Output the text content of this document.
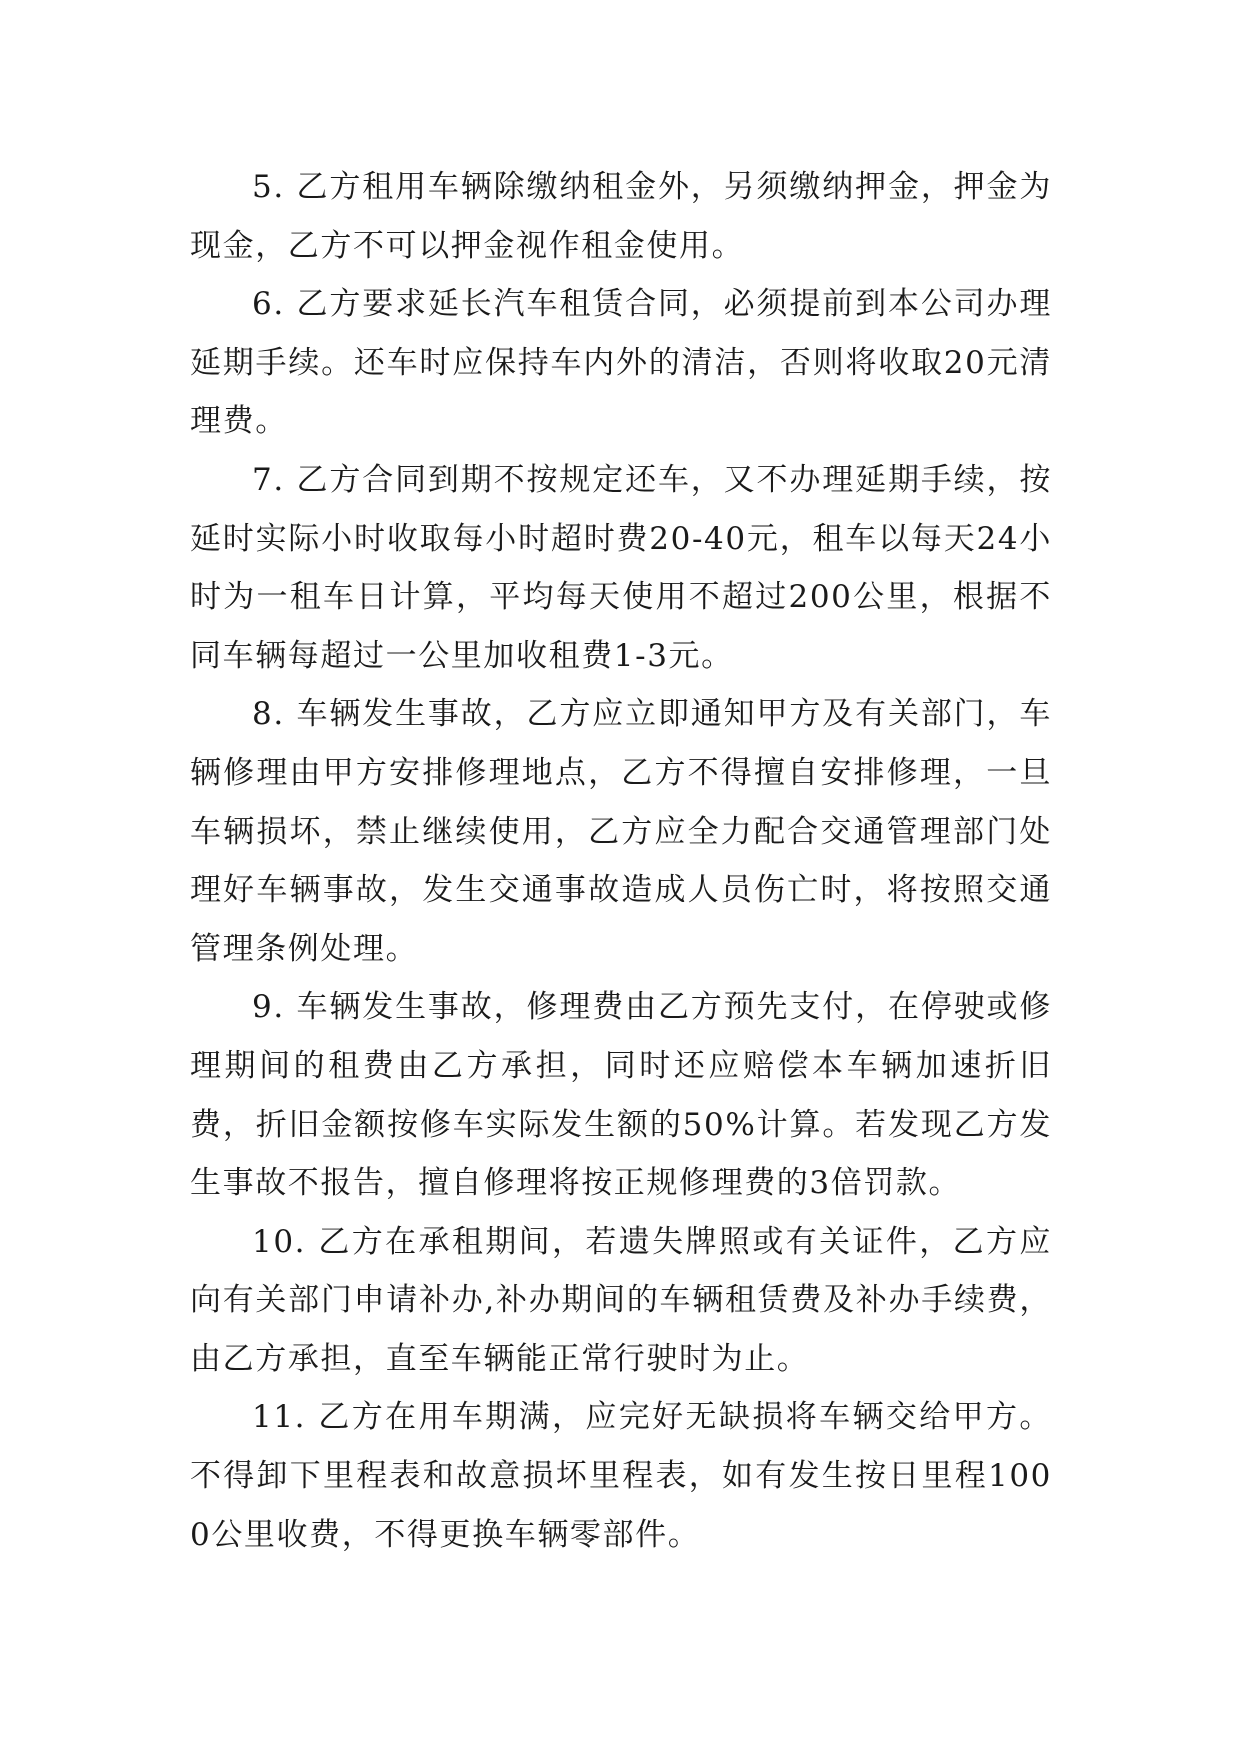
5. 乙方租用车辆除缴纳租金外，另须缴纳押金，押金为现金，乙方不可以押金视作租金使用。

6. 乙方要求延长汽车租赁合同，必须提前到本公司办理延期手续。还车时应保持车内外的清洁，否则将收取20元清理费。

7. 乙方合同到期不按规定还车，又不办理延期手续，按延时实际小时收取每小时超时费20-40元，租车以每天24小时为一租车日计算，平均每天使用不超过200公里，根据不同车辆每超过一公里加收租费1-3元。

8. 车辆发生事故，乙方应立即通知甲方及有关部门，车辆修理由甲方安排修理地点，乙方不得擅自安排修理，一旦车辆损坏，禁止继续使用，乙方应全力配合交通管理部门处理好车辆事故，发生交通事故造成人员伤亡时，将按照交通管理条例处理。

9. 车辆发生事故，修理费由乙方预先支付，在停驶或修理期间的租费由乙方承担，同时还应赔偿本车辆加速折旧费，折旧金额按修车实际发生额的50%计算。若发现乙方发生事故不报告，擅自修理将按正规修理费的3倍罚款。

10. 乙方在承租期间，若遗失牌照或有关证件，乙方应向有关部门申请补办,补办期间的车辆租赁费及补办手续费，由乙方承担，直至车辆能正常行驶时为止。

11. 乙方在用车期满，应完好无缺损将车辆交给甲方。不得卸下里程表和故意损坏里程表，如有发生按日里程1000公里收费，不得更换车辆零部件。
